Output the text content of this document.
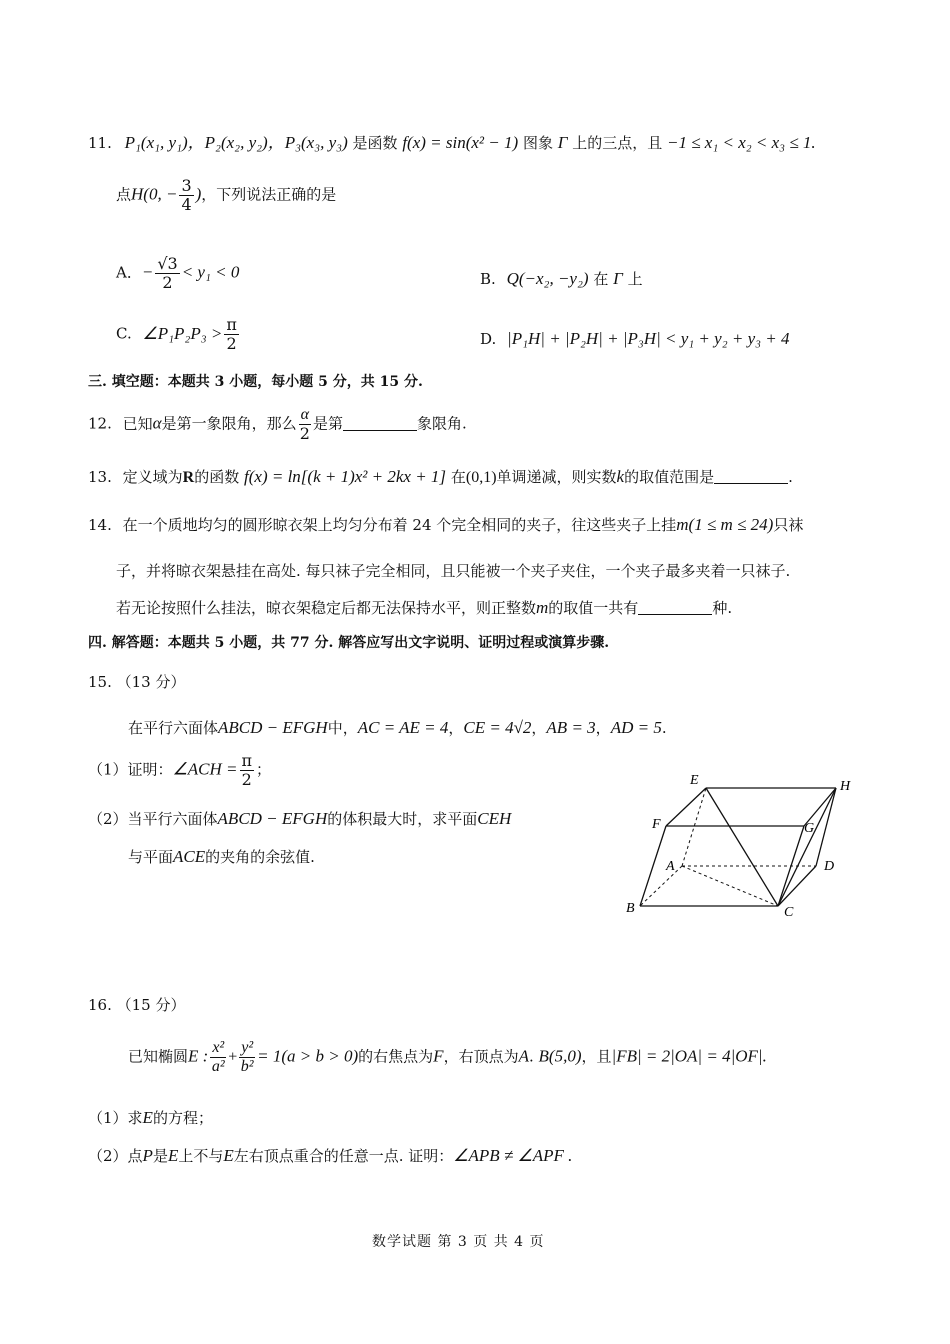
11. P₁(x₁, y₁)，P₂(x₂, y₂)，P₃(x₃, y₃) 是函数 f(x) = sin(x² − 1) 图象 Γ 上的三点，且 −1 ≤ x₁ < x₂ < x₃ ≤ 1.
点H(0, − $\frac{3}{4}$ )，下列说法正确的是
A．− $\frac{√3}{2} < y_1 < 0$	B. Q(−x₂, −y₂) 在 Γ 上
C. ∠P₁P₂P₃ > $\frac{\pi}{2}$	D. |P₁H| + |P₂H| + |P₃H| < y₁ + y₂ + y₃ + 4
三. 填空题：本题共 3 小题，每小题 5 分，共 15 分.
12. 已知α是第一象限角，那么 $\frac{\alpha}{2}$ 是第	象限角.
13. 定义域为R的函数 f(x) = ln[(k + 1)x² + 2kx + 1] 在(0,1)单调递减，则实数k的取值范围是	.
14. 在一个质地均匀的圆形晾衣架上均匀分布着 24 个完全相同的夹子，往这些夹子上挂m(1 ≤ m ≤ 24)只袜
子，并将晾衣架悬挂在高处. 每只袜子完全相同，且只能被一个夹子夹住，一个夹子最多夹着一只袜子.
若无论按照什么挂法，晾衣架稳定后都无法保持水平，则正整数m的取值一共有	种.
四. 解答题：本题共 5 小题，共 77 分. 解答应写出文字说明、证明过程或演算步骤.
15. （13 分）
在平行六面体ABCD − EFGH中，AC = AE = 4，CE = 4√2，AB = 3，AD = 5.
（1）证明：∠ACH = $\frac{\pi}{2}$ ；
（2）当平行六面体ABCD − EFGH的体积最大时，求平面CEH
与平面ACE的夹角的余弦值.
E	H
F	G
A	D
B	C
16. （15 分）
已知椭圆E : $\frac{\text{x²}}{\text{a²}} + \frac{\text{y²}}{\text{b²}} = 1(a > b > 0)$的右焦点为F，右顶点为A. B(5,0)，且|FB| = 2|OA| = 4|OF|.
（1）求E的方程；
（2）点P是E上不与E左右顶点重合的任意一点. 证明：∠APB ≠ ∠APF .
数学试题 第 3 页 共 4 页
